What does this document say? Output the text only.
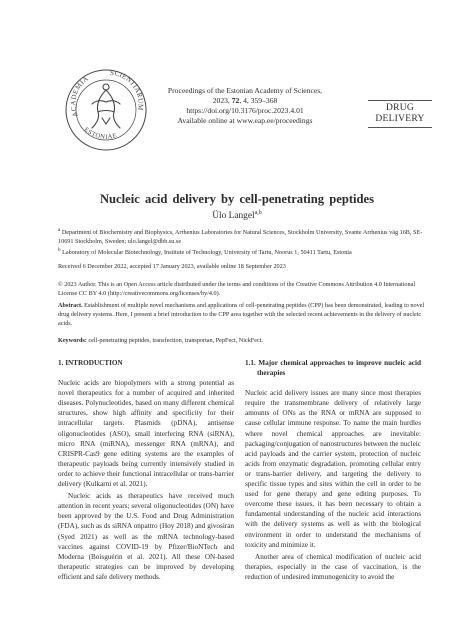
ACADEMIA
SCIENTIARUM
ESTONIAE
Proceedings of the Estonian Academy of Sciences,
2023, 72, 4, 359–368
https://doi.org/10.3176/proc.2023.4.01
Available online at www.eap.ee/proceedings
DRUG
DELIVERY
Nucleic acid delivery by cell-penetrating peptides
Ülo Langel$^{a,b}$

$^a$ Department of Biochemistry and Biophysics, Arrhenius Laboratories for Natural Sciences, Stockholm University, Svante Arrhenius väg 16B, SE-10691 Stockholm, Sweden; ulo.langel@dbb.su.se

$^b$ Laboratory of Molecular Biotechnology, Institute of Technology, University of Tartu, Noorus 1, 50411 Tartu, Estonia

Received 6 December 2022, accepted 17 January 2023, available online 18 September 2023
© 2023 Author. This is an Open Access article distributed under the terms and conditions of the Creative Commons Attribution 4.0 International License CC BY 4.0 (http://creativecommons.org/licenses/by/4.0).
Abstract. Establishment of multiple novel mechanisms and applications of cell-penetrating peptides (CPP) has been demonstrated, leading to novel drug delivery systems. Here, I present a brief introduction to the CPP area together with the selected recent achievements in the delivery of nucleic acids.
Keywords: cell-penetrating peptides, transfection, transportan, PepFect, NickFect.
1. INTRODUCTION

Nucleic acids are biopolymers with a strong potential as novel therapeutics for a number of acquired and inherited diseases. Polynucleotides, based on many different chemical structures, show high affinity and specificity for their intracellular targets. Plasmids (pDNA), antisense oligonucleotides (ASO), small interfering RNA (siRNA), micro RNA (miRNA), messenger RNA (mRNA), and CRISPR-Cas9 gene editing systems are the examples of therapeutic payloads being currently intensively studied in order to achieve their functional intracellular or trans-barrier delivery (Kulkarni et al. 2021).

Nucleic acids as therapeutics have received much attention in recent years; several oligonucleotides (ON) have been approved by the U.S. Food and Drug Administration (FDA), such as ds siRNA onpattro (Hoy 2018) and givosiran (Syed 2021) as well as the mRNA technology-based vaccines against COVID-19 by Pfizer/BioNTech and Moderna (Boisguérin et al. 2021). All these ON-based therapeutic strategies can be improved by developing efficient and safe delivery methods.

1.1. Major chemical approaches to improve nucleic acid therapies

Nucleic acid delivery issues are many since most therapies require the transmembrane delivery of relatively large amounts of ONs as the RNA or mRNA are supposed to cause cellular immune response. To name the main hurdles where novel chemical approaches are inevitable: packaging/conjugation of nanostructures between the nucleic acid payloads and the carrier system, protection of nucleic acids from enzymatic degradation, promoting cellular entry or trans-barrier delivery, and targeting the delivery to specific tissue types and sites within the cell in order to be used for gene therapy and gene editing purposes. To overcome these issues, it has been necessary to obtain a fundamental understanding of the nucleic acid interactions with the delivery systems as well as with the biological environment in order to understand the mechanisms of toxicity and minimize it.

Another area of chemical modification of nucleic acid therapies, especially in the case of vaccination, is the reduction of undesired immunogenicity to avoid the
